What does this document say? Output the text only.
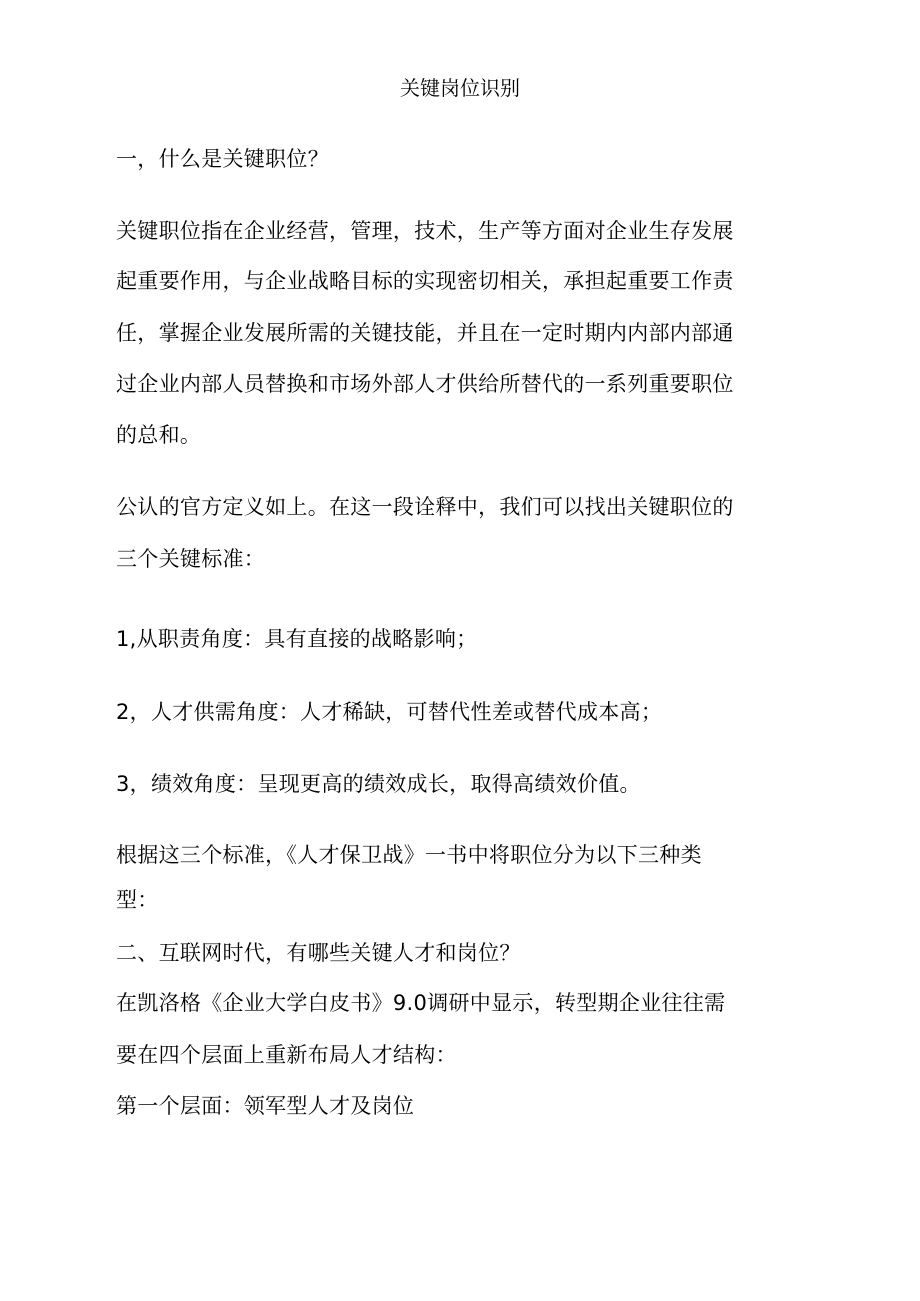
关键岗位识别
一，什么是关键职位？
关键职位指在企业经营，管理，技术，生产等方面对企业生存发展
起重要作用，与企业战略目标的实现密切相关，承担起重要工作责
任，掌握企业发展所需的关键技能，并且在一定时期内内部内部通
过企业内部人员替换和市场外部人才供给所替代的一系列重要职位
的总和。
公认的官方定义如上。在这一段诠释中，我们可以找出关键职位的
三个关键标准：
1,从职责角度：具有直接的战略影响；
2，人才供需角度：人才稀缺，可替代性差或替代成本高；
3，绩效角度：呈现更高的绩效成长，取得高绩效价值。
根据这三个标准，《人才保卫战》一书中将职位分为以下三种类
型：
二、互联网时代，有哪些关键人才和岗位？
在凯洛格《企业大学白皮书》9.0调研中显示，转型期企业往往需
要在四个层面上重新布局人才结构：
第一个层面：领军型人才及岗位
